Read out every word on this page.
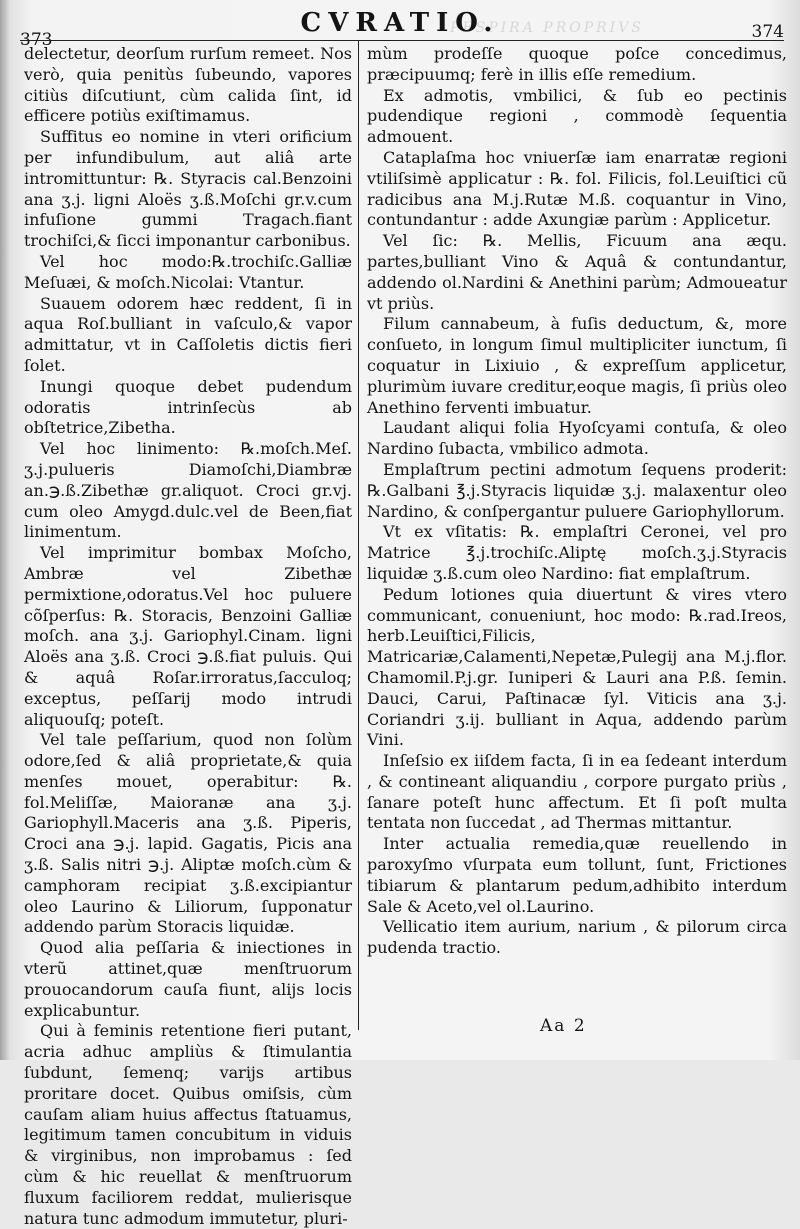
373
CVRATIO.
PESPIRA PROPRIVS	374

delectetur, deorſum rurſum remeet. Nos verò, quia penitùs ſubeundo, vapores citiùs diſcutiunt, cùm calida ſint, id efficere potiùs exiſtimamus.

Suffitus eo nomine in vteri orificium per infundibulum, aut aliâ arte intromittuntur: ℞. Styracis cal.Benzoini ana ʒ.j. ligni Aloës ʒ.ß.Moſchi gr.v.cum infuſione gummi Tragach.fiant trochiſci,& ſicci imponantur carbonibus.

Vel hoc modo:℞.trochiſc.Galliæ Meſuæi, & moſch.Nicolai: Vtantur.

Suauem odorem hæc reddent, ſi in aqua Roſ.bulliant in vaſculo,& vapor admittatur, vt in Caſſoletis dictis fieri ſolet.

Inungi quoque debet pudendum odoratis intrinſecùs ab obſtetrice,Zibetha.

Vel hoc linimento: ℞.moſch.Meſ. ʒ.j.pulueris Diamoſchi,Diambræ an.℈.ß.Zibethæ gr.aliquot. Croci gr.vj. cum oleo Amygd.dulc.vel de Been,fiat linimentum.

Vel imprimitur bombax Moſcho, Ambræ vel Zibethæ permixtione,odoratus.Vel hoc puluere cõſperſus: ℞. Storacis, Benzoini Galliæ moſch. ana ʒ.j. Gariophyl.Cinam. ligni Aloës ana ʒ.ß. Croci ℈.ß.fiat puluis. Qui & aquâ Roſar.irroratus,ſacculoq; exceptus, peſſarij modo intrudi aliquouſq; poteſt.

Vel tale peſſarium, quod non ſolùm odore,ſed & aliâ proprietate,& quia menſes mouet, operabitur: ℞. fol.Meliſſæ, Maioranæ ana ʒ.j. Gariophyll.Maceris ana ʒ.ß. Piperis, Croci ana ℈.j. lapid. Gagatis, Picis ana ʒ.ß. Salis nitri ℈.j. Aliptæ moſch.cùm & camphoram recipiat ʒ.ß.excipiantur oleo Laurino & Liliorum, ſupponatur addendo parùm Storacis liquidæ.

Quod alia peſſaria & iniectiones in vterũ attinet,quæ menſtruorum prouocandorum cauſa fiunt, alijs locis explicabuntur.

Qui à feminis retentione fieri putant, acria adhuc ampliùs & ſtimulantia ſubdunt, ſemenq; varijs artibus proritare docet. Quibus omiſsis, cùm cauſam aliam huius affectus ſtatuamus, legitimum tamen concubitum in viduis & virginibus, non improbamus : ſed cùm & hic reuellat & menſtruorum fluxum faciliorem reddat, mulierisque natura tunc admodum immutetur, pluri-

mùm prodeſſe quoque poſce concedimus, præcipuumq; ferè in illis eſſe remedium.

Ex admotis, vmbilici, & ſub eo pectinis pudendique regioni , commodè ſequentia admouent.

Cataplaſma hoc vniuerſæ iam enarratæ regioni vtiliſsimè applicatur : ℞. fol. Filicis, fol.Leuiſtici cũ radicibus ana M.j.Rutæ M.ß. coquantur in Vino, contundantur : adde Axungiæ parùm : Applicetur.

Vel ſic: ℞. Mellis, Ficuum ana æqu. partes,bulliant Vino & Aquâ & contundantur, addendo ol.Nardini & Anethini parùm; Admoueatur vt priùs.

Filum cannabeum, à fuſis deductum, &, more conſueto, in longum ſimul multipliciter iunctum, ſi coquatur in Lixiuio , & expreſſum applicetur, plurimùm iuvare creditur,eoque magis, ſi priùs oleo Anethino ferventi imbuatur.

Laudant aliqui folia Hyoſcyami contuſa, & oleo Nardino ſubacta, vmbilico admota.

Emplaſtrum pectini admotum ſequens proderit: ℞.Galbani ℥.j.Styracis liquidæ ʒ.j. malaxentur oleo Nardino, & conſpergantur puluere Gariophyllorum.

Vt ex vſitatis: ℞. emplaſtri Ceronei, vel pro Matrice ℥.j.trochiſc.Aliptę moſch.ʒ.j.Styracis liquidæ ʒ.ß.cum oleo Nardino: fiat emplaſtrum.

Pedum lotiones quia diuertunt & vires vtero communicant, conueniunt, hoc modo: ℞.rad.Ireos, herb.Leuiſtici,Filicis, Matricariæ,Calamenti,Nepetæ,Pulegij ana M.j.flor. Chamomil.P.j.gr. Iuniperi & Lauri ana P.ß. ſemin. Dauci, Carui, Paſtinacæ ſyl. Viticis ana ʒ.j. Coriandri ʒ.ij. bulliant in Aqua, addendo parùm Vini.

Inſeſsio ex iiſdem facta, ſi in ea ſedeant interdum , & contineant aliquandiu , corpore purgato priùs , ſanare poteſt hunc affectum. Et ſi poſt multa tentata non ſuccedat , ad Thermas mittantur.

Inter actualia remedia,quæ reuellendo in paroxyſmo vſurpata eum tollunt, ſunt, Frictiones tibiarum & plantarum pedum,adhibito interdum Sale & Aceto,vel ol.Laurino.

Vellicatio item aurium, narium , & pilorum circa pudenda tractio.

Aa 2
